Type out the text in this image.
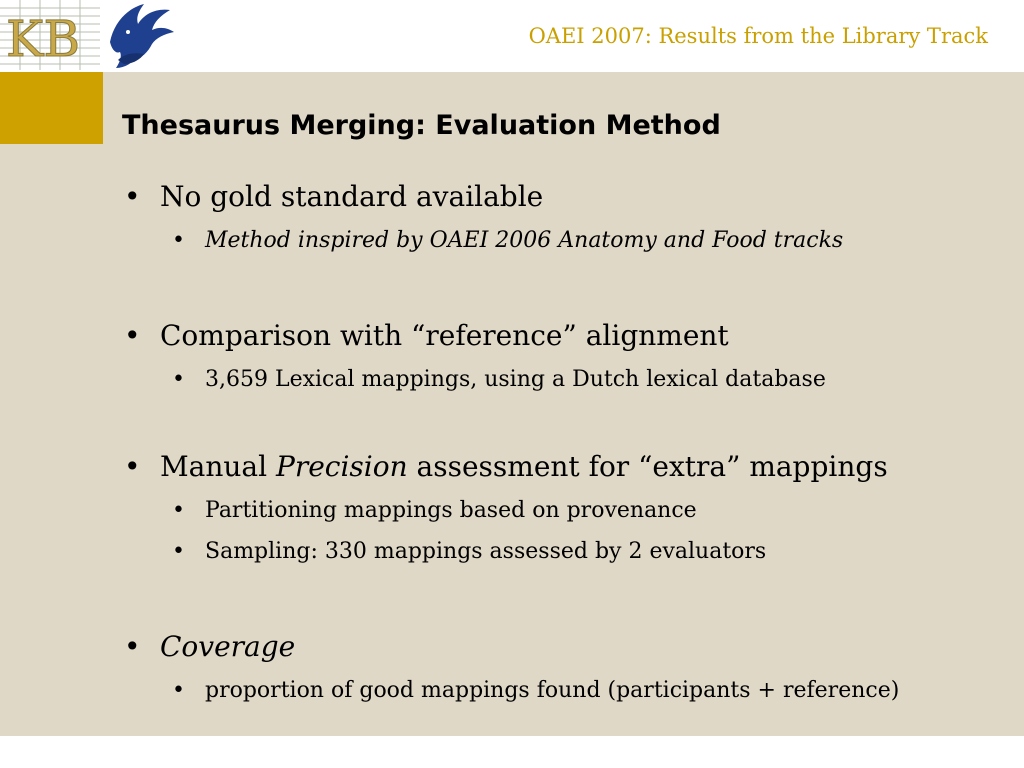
KB	OAEI 2007: Results from the Library Track
Thesaurus Merging: Evaluation Method
• No gold standard available
• Method inspired by OAEI 2006 Anatomy and Food tracks
• Comparison with “reference” alignment
• 3,659 Lexical mappings, using a Dutch lexical database
• Manual Precision assessment for “extra” mappings
• Partitioning mappings based on provenance
• Sampling: 330 mappings assessed by 2 evaluators
• Coverage
• proportion of good mappings found (participants + reference)
